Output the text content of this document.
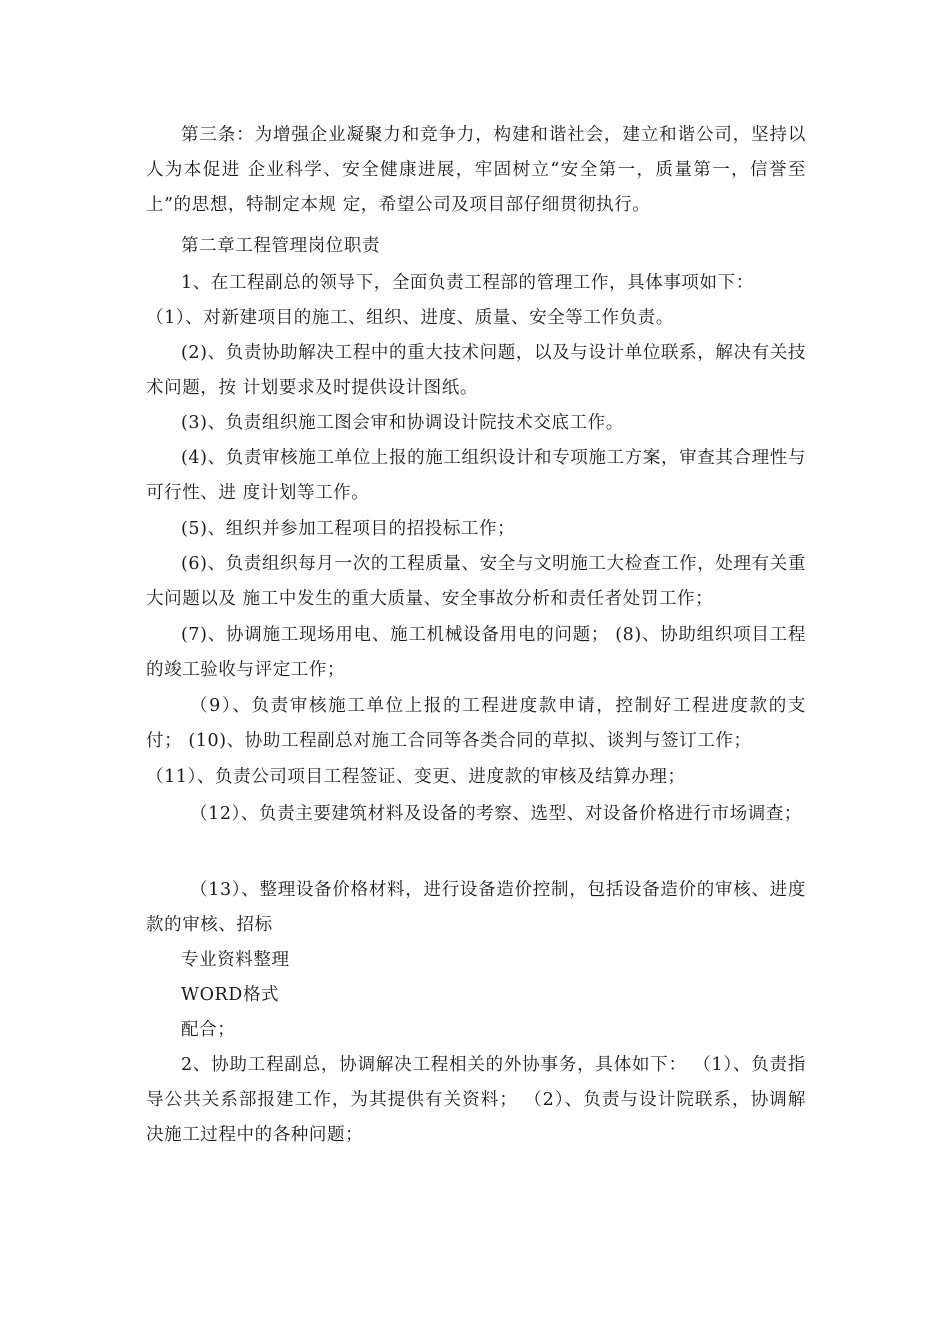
第三条：为增强企业凝聚力和竞争力，构建和谐社会，建立和谐公司，坚持以人为本促进 企业科学、安全健康进展，牢固树立“安全第一，质量第一，信誉至上”的思想，特制定本规 定，希望公司及项目部仔细贯彻执行。

第二章工程管理岗位职责

1、在工程副总的领导下，全面负责工程部的管理工作，具体事项如下：

（1）、对新建项目的施工、组织、进度、质量、安全等工作负责。

(2)、负责协助解决工程中的重大技术问题，以及与设计单位联系，解决有关技术问题，按 计划要求及时提供设计图纸。

(3)、负责组织施工图会审和协调设计院技术交底工作。

(4)、负责审核施工单位上报的施工组织设计和专项施工方案，审查其合理性与可行性、进 度计划等工作。

(5)、组织并参加工程项目的招投标工作；

(6)、负责组织每月一次的工程质量、安全与文明施工大检查工作，处理有关重大问题以及 施工中发生的重大质量、安全事故分析和责任者处罚工作；

(7)、协调施工现场用电、施工机械设备用电的问题； (8)、协助组织项目工程的竣工验收与评定工作；

（9）、负责审核施工单位上报的工程进度款申请，控制好工程进度款的支付； (10)、协助工程副总对施工合同等各类合同的草拟、谈判与签订工作；

（11）、负责公司项目工程签证、变更、进度款的审核及结算办理；

（12）、负责主要建筑材料及设备的考察、选型、对设备价格进行市场调查；

（13）、整理设备价格材料，进行设备造价控制，包括设备造价的审核、进度款的审核、招标

专业资料整理

WORD格式

配合；

2、协助工程副总，协调解决工程相关的外协事务，具体如下： （1）、负责指导公共关系部报建工作，为其提供有关资料； （2）、负责与设计院联系，协调解决施工过程中的各种问题；
